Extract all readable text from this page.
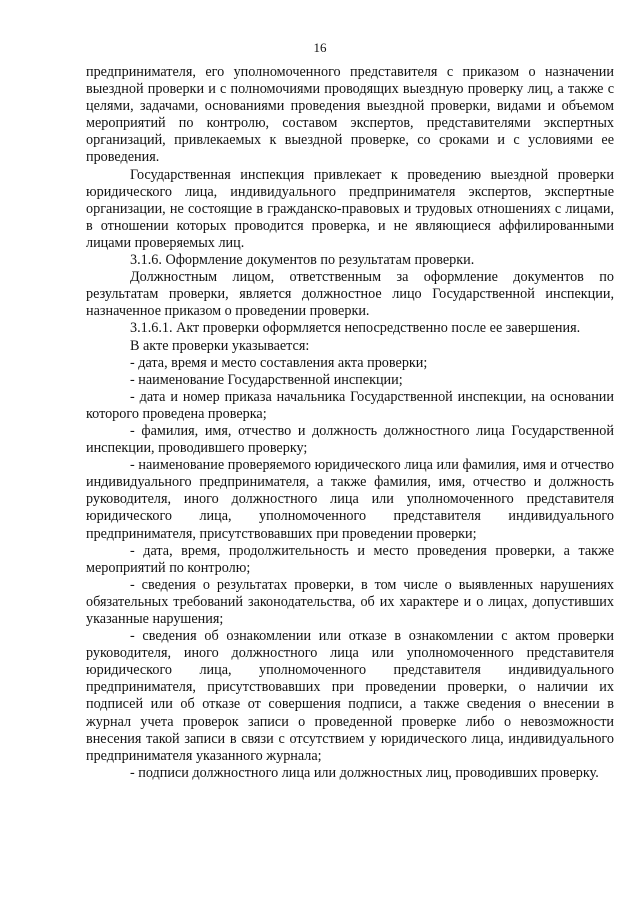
16

предпринимателя, его уполномоченного представителя с приказом о назначении выездной проверки и с полномочиями проводящих выездную проверку лиц, а также с целями, задачами, основаниями проведения выездной проверки, видами и объемом мероприятий по контролю, составом экспертов, представителями экспертных организаций, привлекаемых к выездной проверке, со сроками и с условиями ее проведения.

Государственная инспекция привлекает к проведению выездной проверки юридического лица, индивидуального предпринимателя экспертов, экспертные организации, не состоящие в гражданско-правовых и трудовых отношениях с лицами, в отношении которых проводится проверка, и не являющиеся аффилированными лицами проверяемых лиц.

3.1.6. Оформление документов по результатам проверки.

Должностным лицом, ответственным за оформление документов по результатам проверки, является должностное лицо Государственной инспекции, назначенное приказом о проведении проверки.

3.1.6.1. Акт проверки оформляется непосредственно после ее завершения.

В акте проверки указывается:

- дата, время и место составления акта проверки;

- наименование Государственной инспекции;

- дата и номер приказа начальника Государственной инспекции, на основании которого проведена проверка;

- фамилия, имя, отчество и должность должностного лица Государственной инспекции, проводившего проверку;

- наименование проверяемого юридического лица или фамилия, имя и отчество индивидуального предпринимателя, а также фамилия, имя, отчество и должность руководителя, иного должностного лица или уполномоченного представителя юридического лица, уполномоченного представителя индивидуального предпринимателя, присутствовавших при проведении проверки;

- дата, время, продолжительность и место проведения проверки, а также мероприятий по контролю;

- сведения о результатах проверки, в том числе о выявленных нарушениях обязательных требований законодательства, об их характере и о лицах, допустивших указанные нарушения;

- сведения об ознакомлении или отказе в ознакомлении с актом проверки руководителя, иного должностного лица или уполномоченного представителя юридического лица, уполномоченного представителя индивидуального предпринимателя, присутствовавших при проведении проверки, о наличии их подписей или об отказе от совершения подписи, а также сведения о внесении в журнал учета проверок записи о проведенной проверке либо о невозможности внесения такой записи в связи с отсутствием у юридического лица, индивидуального предпринимателя указанного журнала;

- подписи должностного лица или должностных лиц, проводивших проверку.
